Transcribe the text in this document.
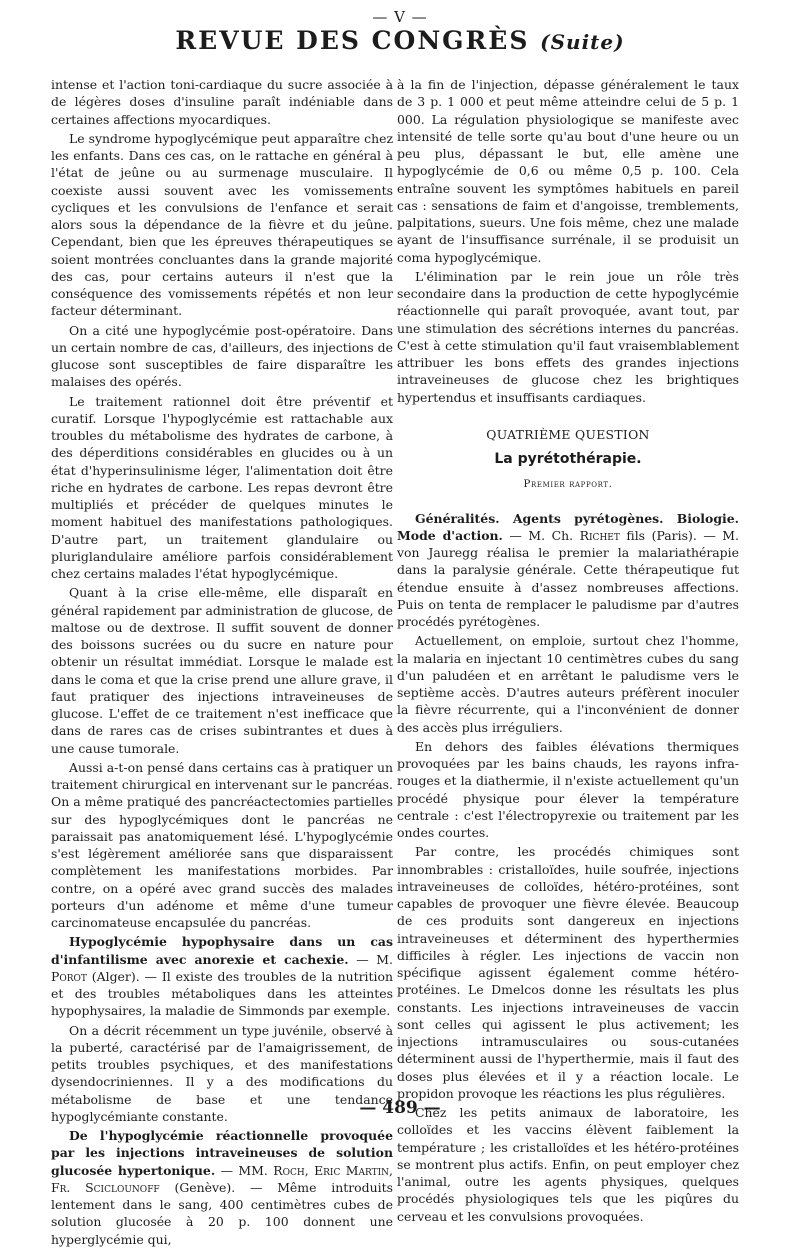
— V —
REVUE DES CONGRÈS (Suite)

intense et l'action toni-cardiaque du sucre associée à de légères doses d'insuline paraît indéniable dans certaines affections myocardiques.

Le syndrome hypoglycémique peut apparaître chez les enfants. Dans ces cas, on le rattache en général à l'état de jeûne ou au surmenage musculaire. Il coexiste aussi souvent avec les vomissements cycliques et les convulsions de l'enfance et serait alors sous la dépendance de la fièvre et du jeûne. Cependant, bien que les épreuves thérapeutiques se soient montrées concluantes dans la grande majorité des cas, pour certains auteurs il n'est que la conséquence des vomissements répétés et non leur facteur déterminant.

On a cité une hypoglycémie post-opératoire. Dans un certain nombre de cas, d'ailleurs, des injections de glucose sont susceptibles de faire disparaître les malaises des opérés.

Le traitement rationnel doit être préventif et curatif. Lorsque l'hypoglycémie est rattachable aux troubles du métabolisme des hydrates de carbone, à des déperditions considérables en glucides ou à un état d'hyperinsulinisme léger, l'alimentation doit être riche en hydrates de carbone. Les repas devront être multipliés et précéder de quelques minutes le moment habituel des manifestations pathologiques. D'autre part, un traitement glandulaire ou pluriglandulaire améliore parfois considérablement chez certains malades l'état hypoglycémique.

Quant à la crise elle-même, elle disparaît en général rapidement par administration de glucose, de maltose ou de dextrose. Il suffit souvent de donner des boissons sucrées ou du sucre en nature pour obtenir un résultat immédiat. Lorsque le malade est dans le coma et que la crise prend une allure grave, il faut pratiquer des injections intraveineuses de glucose. L'effet de ce traitement n'est inefficace que dans de rares cas de crises subintrantes et dues à une cause tumorale.

Aussi a-t-on pensé dans certains cas à pratiquer un traitement chirurgical en intervenant sur le pancréas. On a même pratiqué des pancréactectomies partielles sur des hypoglycémiques dont le pancréas ne paraissait pas anatomiquement lésé. L'hypoglycémie s'est légèrement améliorée sans que disparaissent complètement les manifestations morbides. Par contre, on a opéré avec grand succès des malades porteurs d'un adénome et même d'une tumeur carcinomateuse encapsulée du pancréas.

Hypoglycémie hypophysaire dans un cas d'infantilisme avec anorexie et cachexie. — M. Porot (Alger). — Il existe des troubles de la nutrition et des troubles métaboliques dans les atteintes hypophysaires, la maladie de Simmonds par exemple.

On a décrit récemment un type juvénile, observé à la puberté, caractérisé par de l'amaigrissement, de petits troubles psychiques, et des manifestations dysendocriniennes. Il y a des modifications du métabolisme de base et une tendance hypoglycémiante constante.

De l'hypoglycémie réactionnelle provoquée par les injections intraveineuses de solution glucosée hypertonique. — MM. Roch, Eric Martin, Fr. Sciclounoff (Genève). — Même introduits lentement dans le sang, 400 centimètres cubes de solution glucosée à 20 p. 100 donnent une hyperglycémie qui,

à la fin de l'injection, dépasse généralement le taux de 3 p. 1 000 et peut même atteindre celui de 5 p. 1 000. La régulation physiologique se manifeste avec intensité de telle sorte qu'au bout d'une heure ou un peu plus, dépassant le but, elle amène une hypoglycémie de 0,6 ou même 0,5 p. 100. Cela entraîne souvent les symptômes habituels en pareil cas : sensations de faim et d'angoisse, tremblements, palpitations, sueurs. Une fois même, chez une malade ayant de l'insuffisance surrénale, il se produisit un coma hypoglycémique.

L'élimination par le rein joue un rôle très secondaire dans la production de cette hypoglycémie réactionnelle qui paraît provoquée, avant tout, par une stimulation des sécrétions internes du pancréas. C'est à cette stimulation qu'il faut vraisemblablement attribuer les bons effets des grandes injections intraveineuses de glucose chez les brightiques hypertendus et insuffisants cardiaques.

QUATRIÈME QUESTION
La pyrétothérapie.
Premier rapport.

Généralités. Agents pyrétogènes. Biologie. Mode d'action. — M. Ch. Richet fils (Paris). — M. von Jauregg réalisa le premier la malariathérapie dans la paralysie générale. Cette thérapeutique fut étendue ensuite à d'assez nombreuses affections. Puis on tenta de remplacer le paludisme par d'autres procédés pyrétogènes.

Actuellement, on emploie, surtout chez l'homme, la malaria en injectant 10 centimètres cubes du sang d'un paludéen et en arrêtant le paludisme vers le septième accès. D'autres auteurs préfèrent inoculer la fièvre récurrente, qui a l'inconvénient de donner des accès plus irréguliers.

En dehors des faibles élévations thermiques provoquées par les bains chauds, les rayons infra-rouges et la diathermie, il n'existe actuellement qu'un procédé physique pour élever la température centrale : c'est l'électropyrexie ou traitement par les ondes courtes.

Par contre, les procédés chimiques sont innombrables : cristalloïdes, huile soufrée, injections intraveineuses de colloïdes, hétéro-protéines, sont capables de provoquer une fièvre élevée. Beaucoup de ces produits sont dangereux en injections intraveineuses et déterminent des hyperthermies difficiles à régler. Les injections de vaccin non spécifique agissent également comme hétéro-protéines. Le Dmelcos donne les résultats les plus constants. Les injections intraveineuses de vaccin sont celles qui agissent le plus activement; les injections intramusculaires ou sous-cutanées déterminent aussi de l'hyperthermie, mais il faut des doses plus élevées et il y a réaction locale. Le propidon provoque les réactions les plus régulières.

Chez les petits animaux de laboratoire, les colloïdes et les vaccins élèvent faiblement la température ; les cristalloïdes et les hétéro-protéines se montrent plus actifs. Enfin, on peut employer chez l'animal, outre les agents physiques, quelques procédés physiologiques tels que les piqûres du cerveau et les convulsions provoquées.

— 489 —
